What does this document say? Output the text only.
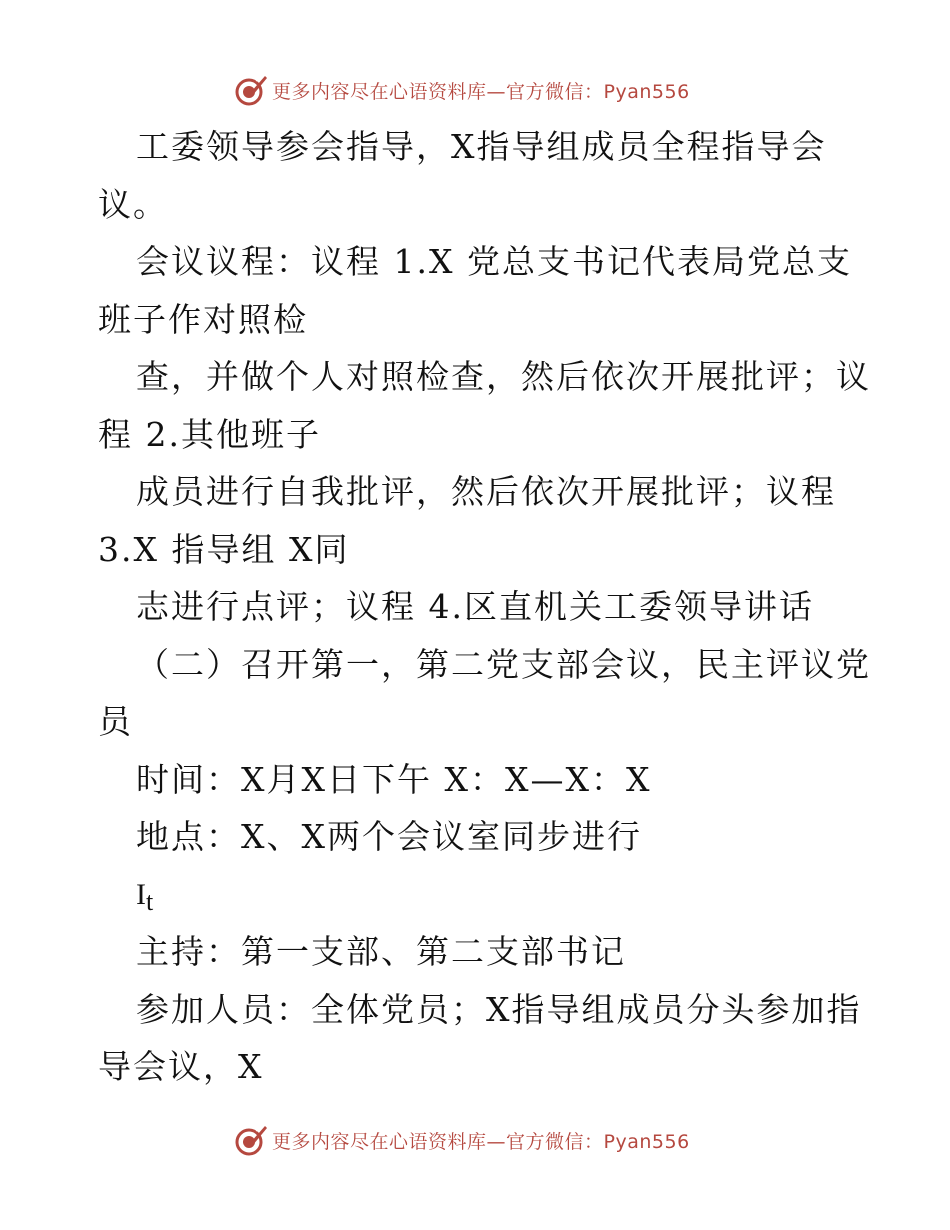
更多内容尽在心语资料库—官方微信：Pyan556
工委领导参会指导，X指导组成员全程指导会
议。
会议议程：议程 1.X 党总支书记代表局党总支
班子作对照检
查，并做个人对照检查，然后依次开展批评；议
程 2.其他班子
成员进行自我批评，然后依次开展批评；议程
3.X 指导组 X同
志进行点评；议程 4.区直机关工委领导讲话
（二）召开第一，第二党支部会议，民主评议党
员
时间：X月X日下午 X：X—X：X
地点：X、X两个会议室同步进行
$I_t$
主持：第一支部、第二支部书记
参加人员：全体党员；X指导组成员分头参加指
导会议，X
更多内容尽在心语资料库—官方微信：Pyan556
